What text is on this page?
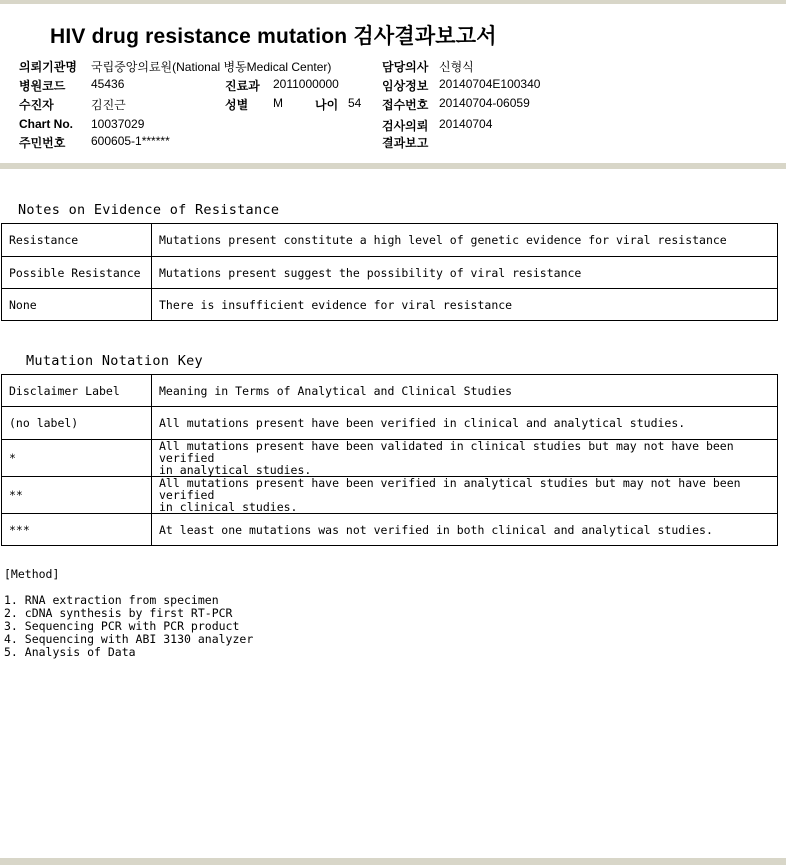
HIV drug resistance mutation 검사결과보고서
의뢰기관명 국립중앙의료원(National 병동Medical Center)	담당의사 신형식
병원코드 45436	진료과 2011000000	임상정보 20140704E100340
수진자	김진근	성별 M	나이 54 접수번호 20140704-06059
Chart No. 10037029	검사의뢰 20140704
주민번호 600605-1******	결과보고
Notes on Evidence of Resistance
Resistance	Mutations present constitute a high level of genetic evidence for viral resistance
Possible Resistance	Mutations present suggest the possibility of viral resistance
None	There is insufficient evidence for viral resistance
Mutation Notation Key
Disclaimer Label	Meaning in Terms of Analytical and Clinical Studies
(no label)	All mutations present have been verified in clinical and analytical studies.

*	All mutations present have been validated in clinical studies but may not have been verified
in analytical studies.

**	All mutations present have been verified in analytical studies but may not have been verified
in clinical studies.

***	At least one mutations was not verified in both clinical and analytical studies.
[Method]
1. RNA extraction from specimen
2. cDNA synthesis by first RT-PCR
3. Sequencing PCR with PCR product
4. Sequencing with ABI 3130 analyzer
5. Analysis of Data
